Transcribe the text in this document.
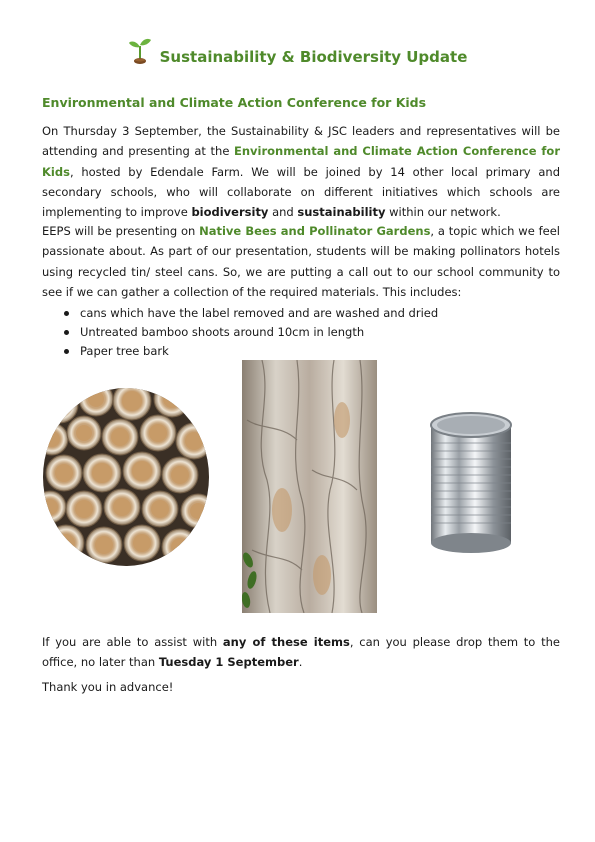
Sustainability & Biodiversity Update
Environmental and Climate Action Conference for Kids

On Thursday 3 September, the Sustainability & JSC leaders and representatives will be attending and presenting at the Environmental and Climate Action Conference for Kids, hosted by Edendale Farm. We will be joined by 14 other local primary and secondary schools, who will collaborate on different initiatives which schools are implementing to improve biodiversity and sustainability within our network.

EEPS will be presenting on Native Bees and Pollinator Gardens, a topic which we feel passionate about. As part of our presentation, students will be making pollinators hotels using recycled tin/ steel cans. So, we are putting a call out to our school community to see if we can gather a collection of the required materials. This includes:

cans which have the label removed and are washed and dried
Untreated bamboo shoots around 10cm in length
Paper tree bark

If you are able to assist with any of these items, can you please drop them to the office, no later than Tuesday 1 September.

Thank you in advance!
